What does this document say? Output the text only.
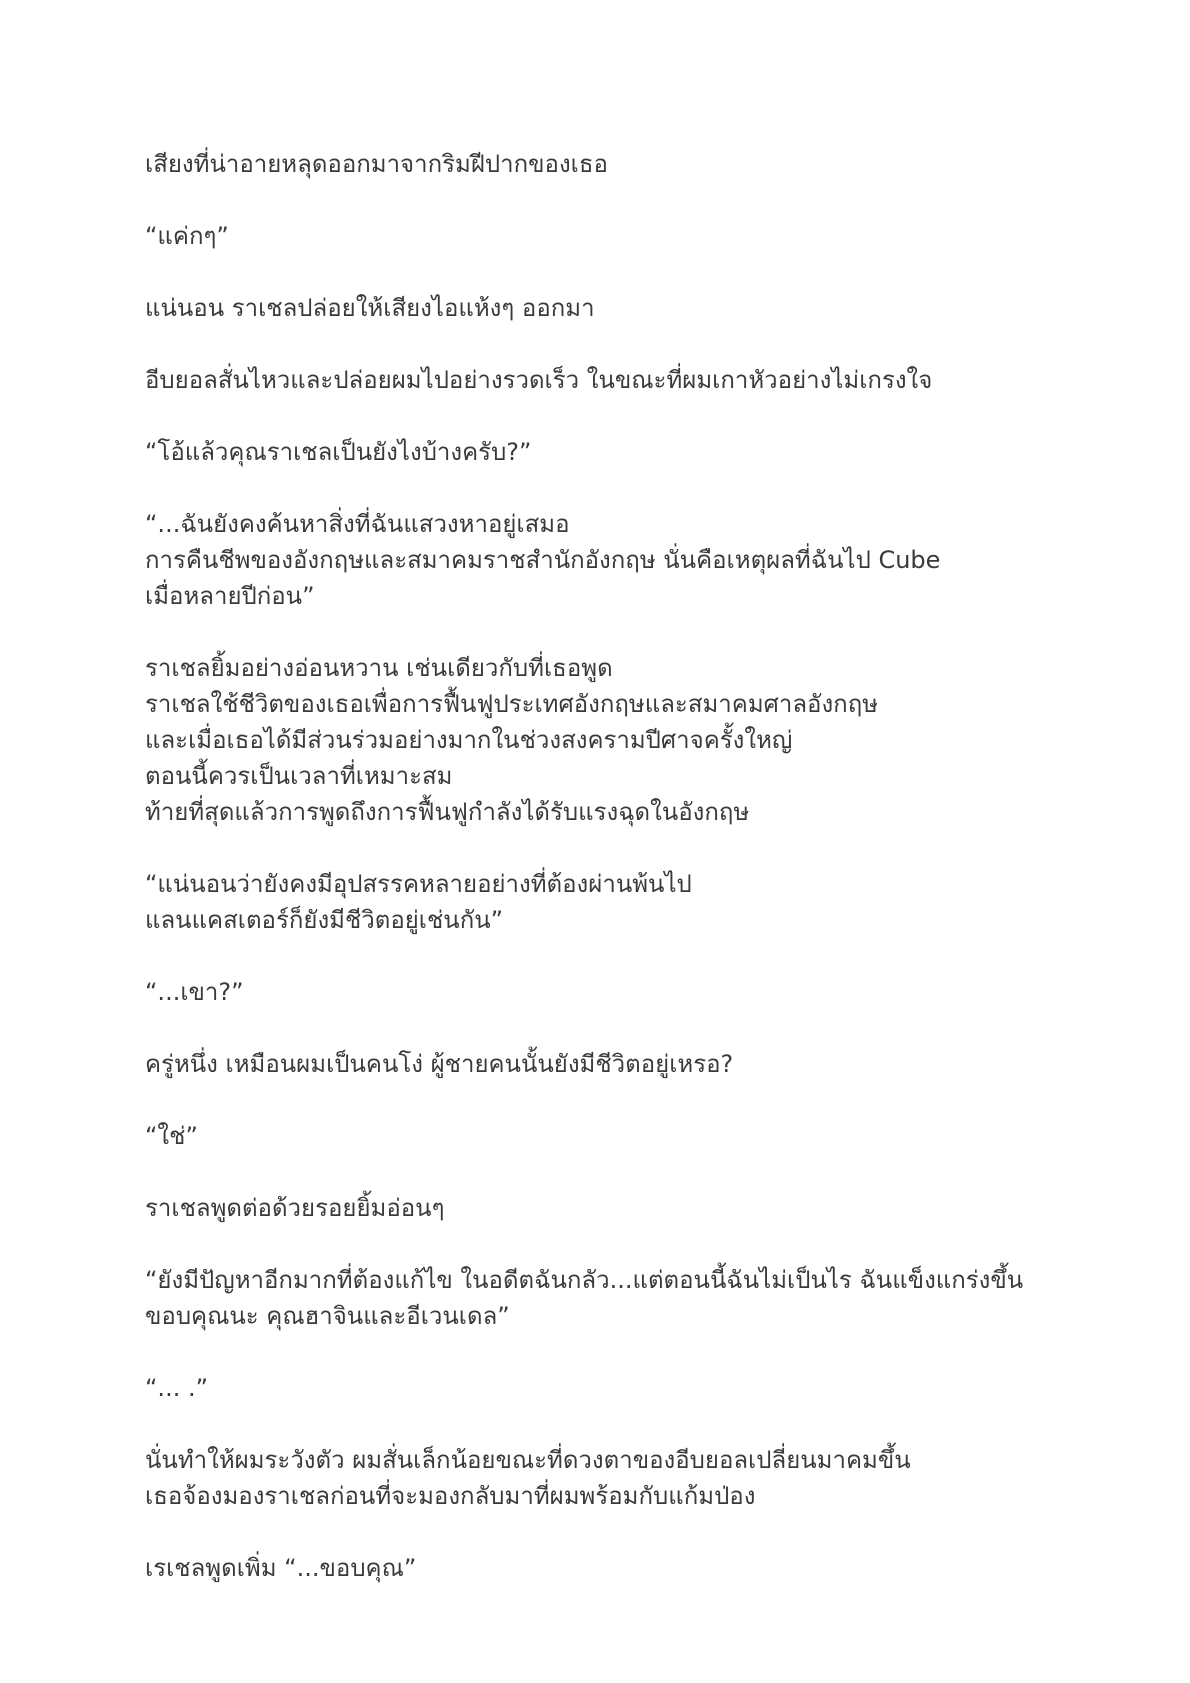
เสียงที่น่าอายหลุดออกมาจากริมฝีปากของเธอ

“แค่กๆ”

แน่นอน ราเชลปล่อยให้เสียงไอแห้งๆ ออกมา

อีบยอลสั่นไหวและปล่อยผมไปอย่างรวดเร็ว ในขณะที่ผมเกาหัวอย่างไม่เกรงใจ

“โอ้แล้วคุณราเชลเป็นยังไงบ้างครับ?”

“...ฉันยังคงค้นหาสิ่งที่ฉันแสวงหาอยู่เสมอ
การคืนชีพของอังกฤษและสมาคมราชสำนักอังกฤษ นั่นคือเหตุผลที่ฉันไป Cube
เมื่อหลายปีก่อน”

ราเชลยิ้มอย่างอ่อนหวาน เช่นเดียวกับที่เธอพูด
ราเชลใช้ชีวิตของเธอเพื่อการฟื้นฟูประเทศอังกฤษและสมาคมศาลอังกฤษ
และเมื่อเธอได้มีส่วนร่วมอย่างมากในช่วงสงครามปีศาจครั้งใหญ่
ตอนนี้ควรเป็นเวลาที่เหมาะสม
ท้ายที่สุดแล้วการพูดถึงการฟื้นฟูกำลังได้รับแรงฉุดในอังกฤษ

“แน่นอนว่ายังคงมีอุปสรรคหลายอย่างที่ต้องผ่านพ้นไป
แลนแคสเตอร์ก็ยังมีชีวิตอยู่เช่นกัน”

“...เขา?”

ครู่หนึ่ง เหมือนผมเป็นคนโง่ ผู้ชายคนนั้นยังมีชีวิตอยู่เหรอ?

“ใช่”

ราเชลพูดต่อด้วยรอยยิ้มอ่อนๆ

“ยังมีปัญหาอีกมากที่ต้องแก้ไข ในอดีตฉันกลัว...แต่ตอนนี้ฉันไม่เป็นไร ฉันแข็งแกร่งขึ้น
ขอบคุณนะ คุณฮาจินและอีเวนเดล”

“... .”

นั่นทำให้ผมระวังตัว ผมสั่นเล็กน้อยขณะที่ดวงตาของอีบยอลเปลี่ยนมาคมขึ้น
เธอจ้องมองราเชลก่อนที่จะมองกลับมาที่ผมพร้อมกับแก้มป่อง

เรเชลพูดเพิ่ม “...ขอบคุณ”
